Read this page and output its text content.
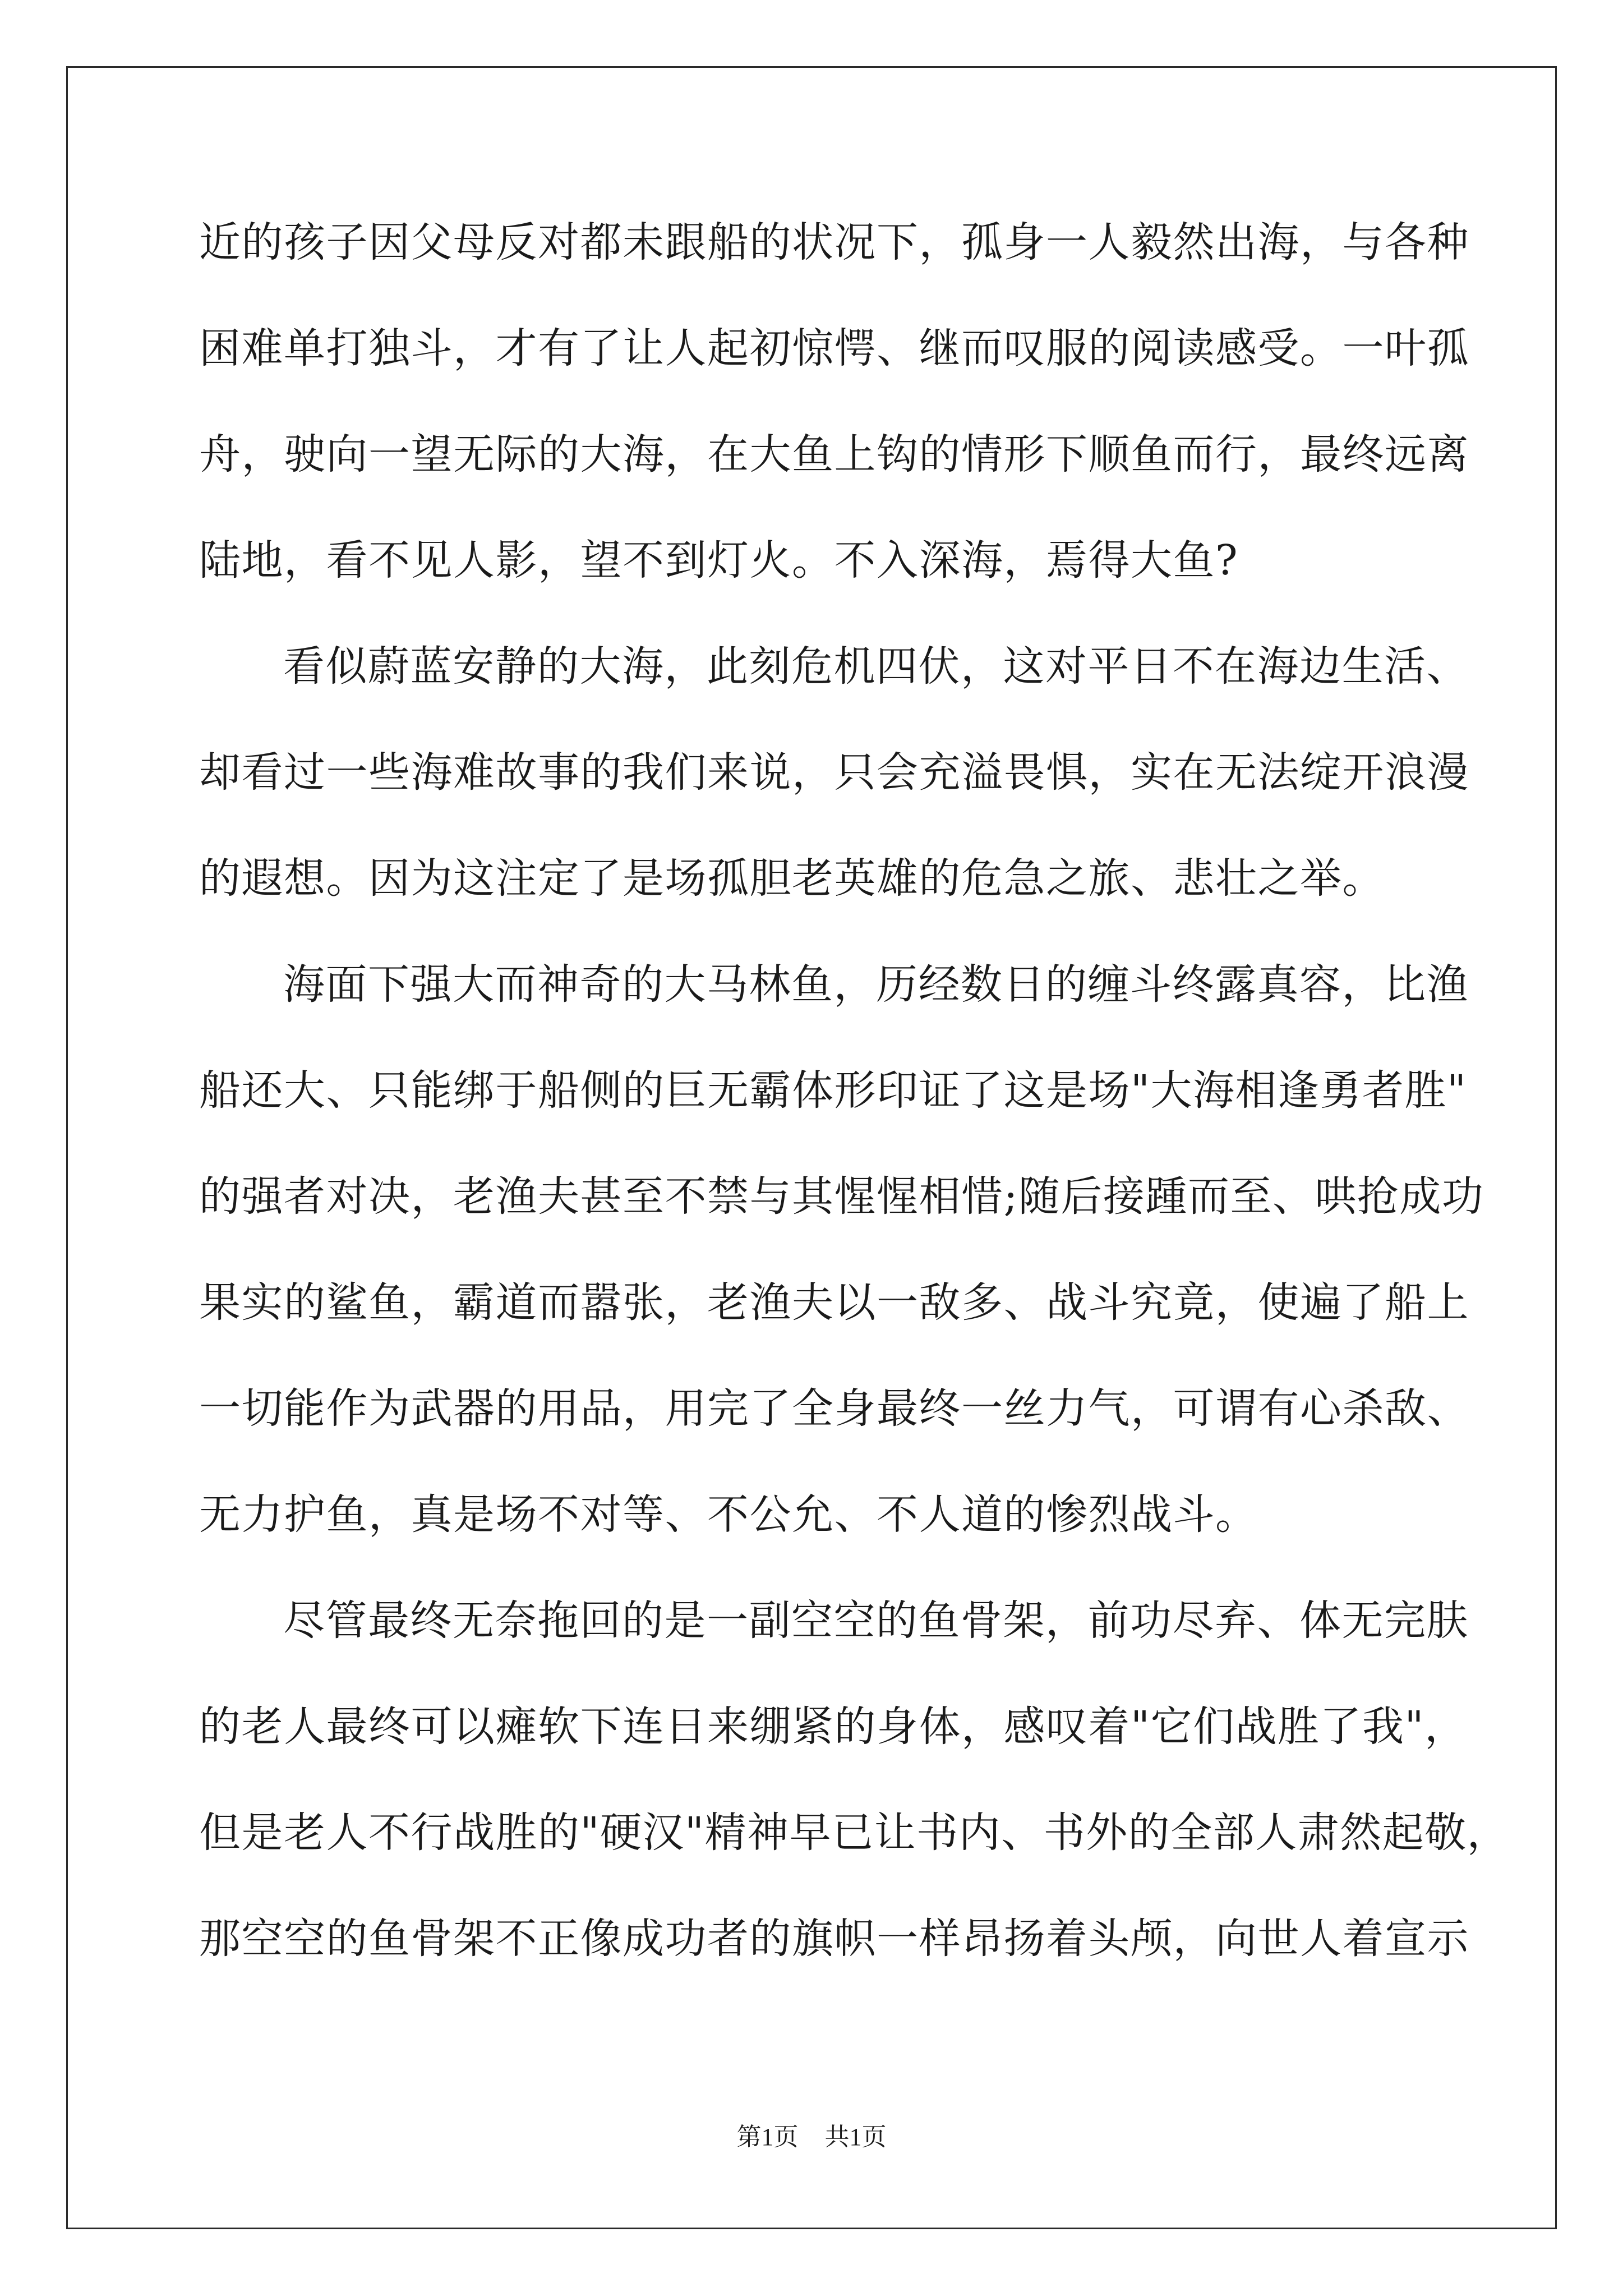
近的孩子因父母反对都未跟船的状况下，孤身一人毅然出海，与各种
困难单打独斗，才有了让人起初惊愕、继而叹服的阅读感受。一叶孤
舟，驶向一望无际的大海，在大鱼上钩的情形下顺鱼而行，最终远离
陆地，看不见人影，望不到灯火。不入深海，焉得大鱼?
看似蔚蓝安静的大海，此刻危机四伏，这对平日不在海边生活、
却看过一些海难故事的我们来说，只会充溢畏惧，实在无法绽开浪漫
的遐想。因为这注定了是场孤胆老英雄的危急之旅、悲壮之举。
海面下强大而神奇的大马林鱼，历经数日的缠斗终露真容，比渔
船还大、只能绑于船侧的巨无霸体形印证了这是场"大海相逢勇者胜"
的强者对决，老渔夫甚至不禁与其惺惺相惜;随后接踵而至、哄抢成功
果实的鲨鱼，霸道而嚣张，老渔夫以一敌多、战斗究竟，使遍了船上
一切能作为武器的用品，用完了全身最终一丝力气，可谓有心杀敌、
无力护鱼，真是场不对等、不公允、不人道的惨烈战斗。
尽管最终无奈拖回的是一副空空的鱼骨架，前功尽弃、体无完肤
的老人最终可以瘫软下连日来绷紧的身体，感叹着"它们战胜了我"，
但是老人不行战胜的"硬汉"精神早已让书内、书外的全部人肃然起敬，
那空空的鱼骨架不正像成功者的旗帜一样昂扬着头颅，向世人着宣示
第1页 共1页
